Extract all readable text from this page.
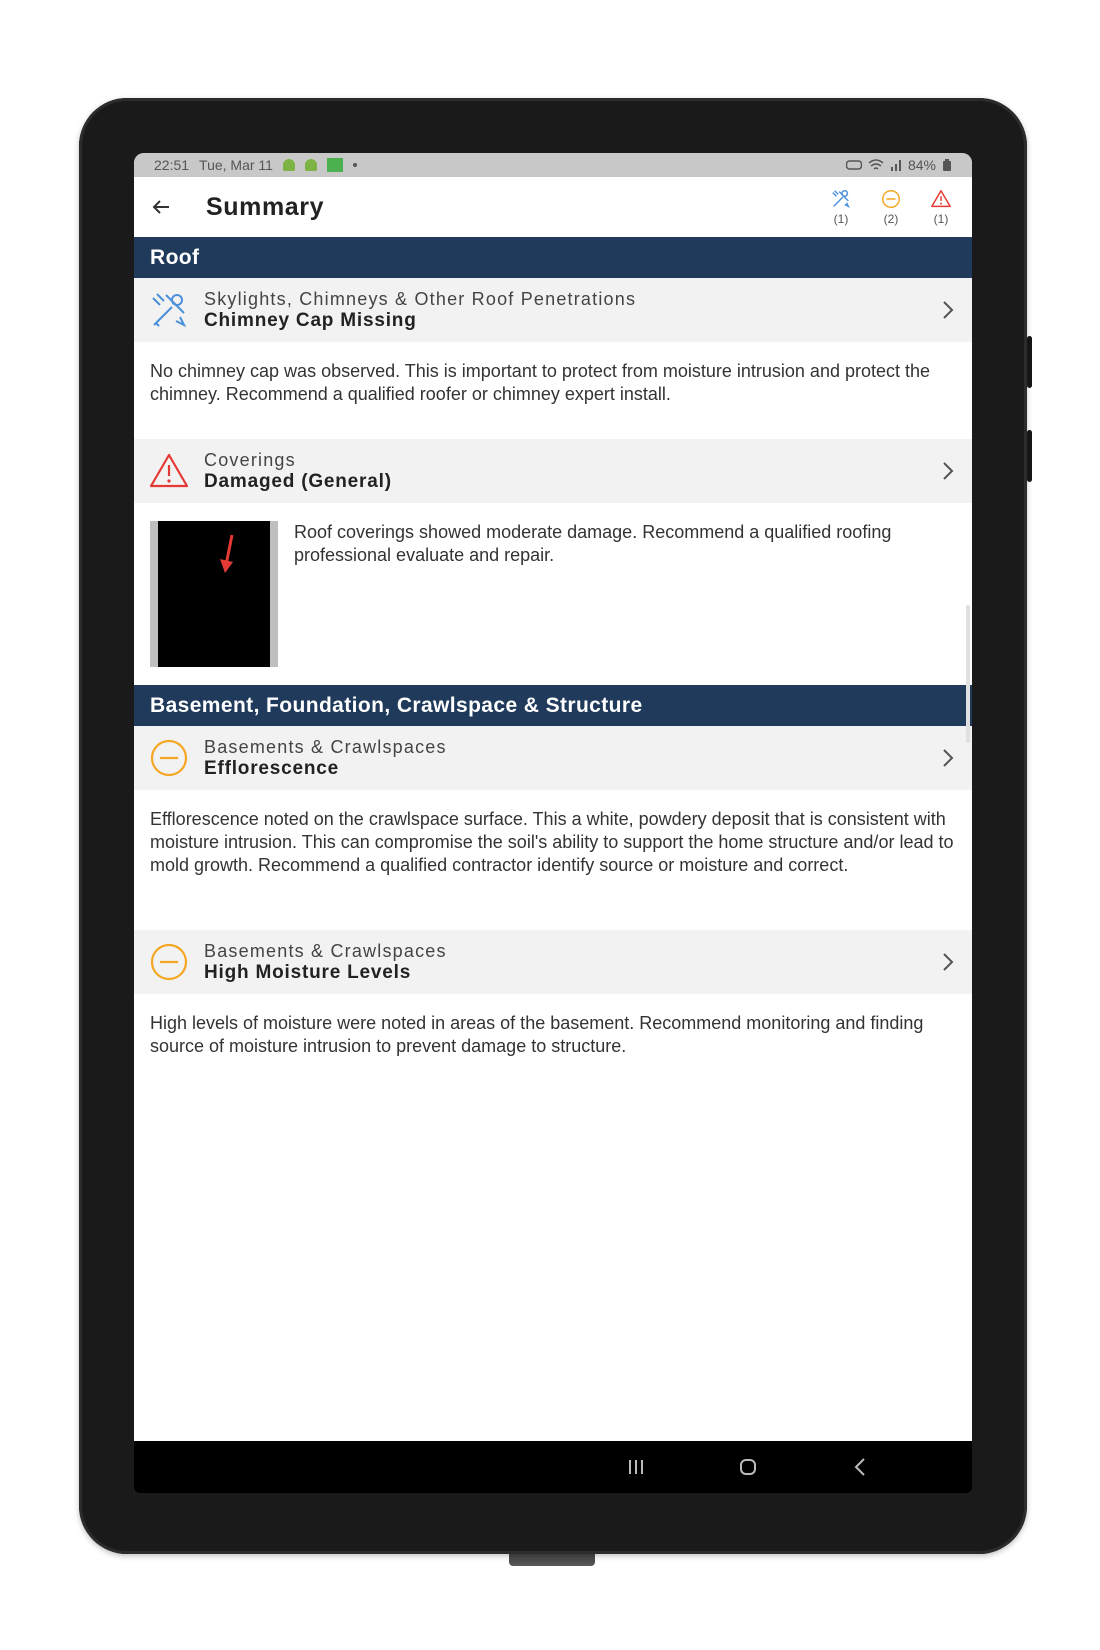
22:51 Tue, Mar 11	84%
Summary	(1)	(2)	(1)
Roof
Skylights, Chimneys & Other Roof Penetrations
Chimney Cap Missing
No chimney cap was observed. This is important to protect from moisture intrusion and protect the chimney. Recommend a qualified roofer or chimney expert install.
Coverings
Damaged (General)
Roof coverings showed moderate damage. Recommend a qualified roofing professional evaluate and repair.
Basement, Foundation, Crawlspace & Structure
Basements & Crawlspaces
Efflorescence
Efflorescence noted on the crawlspace surface. This a white, powdery deposit that is consistent with moisture intrusion. This can compromise the soil's ability to support the home structure and/or lead to mold growth. Recommend a qualified contractor identify source or moisture and correct.
Basements & Crawlspaces
High Moisture Levels
High levels of moisture were noted in areas of the basement. Recommend monitoring and finding source of moisture intrusion to prevent damage to structure.
